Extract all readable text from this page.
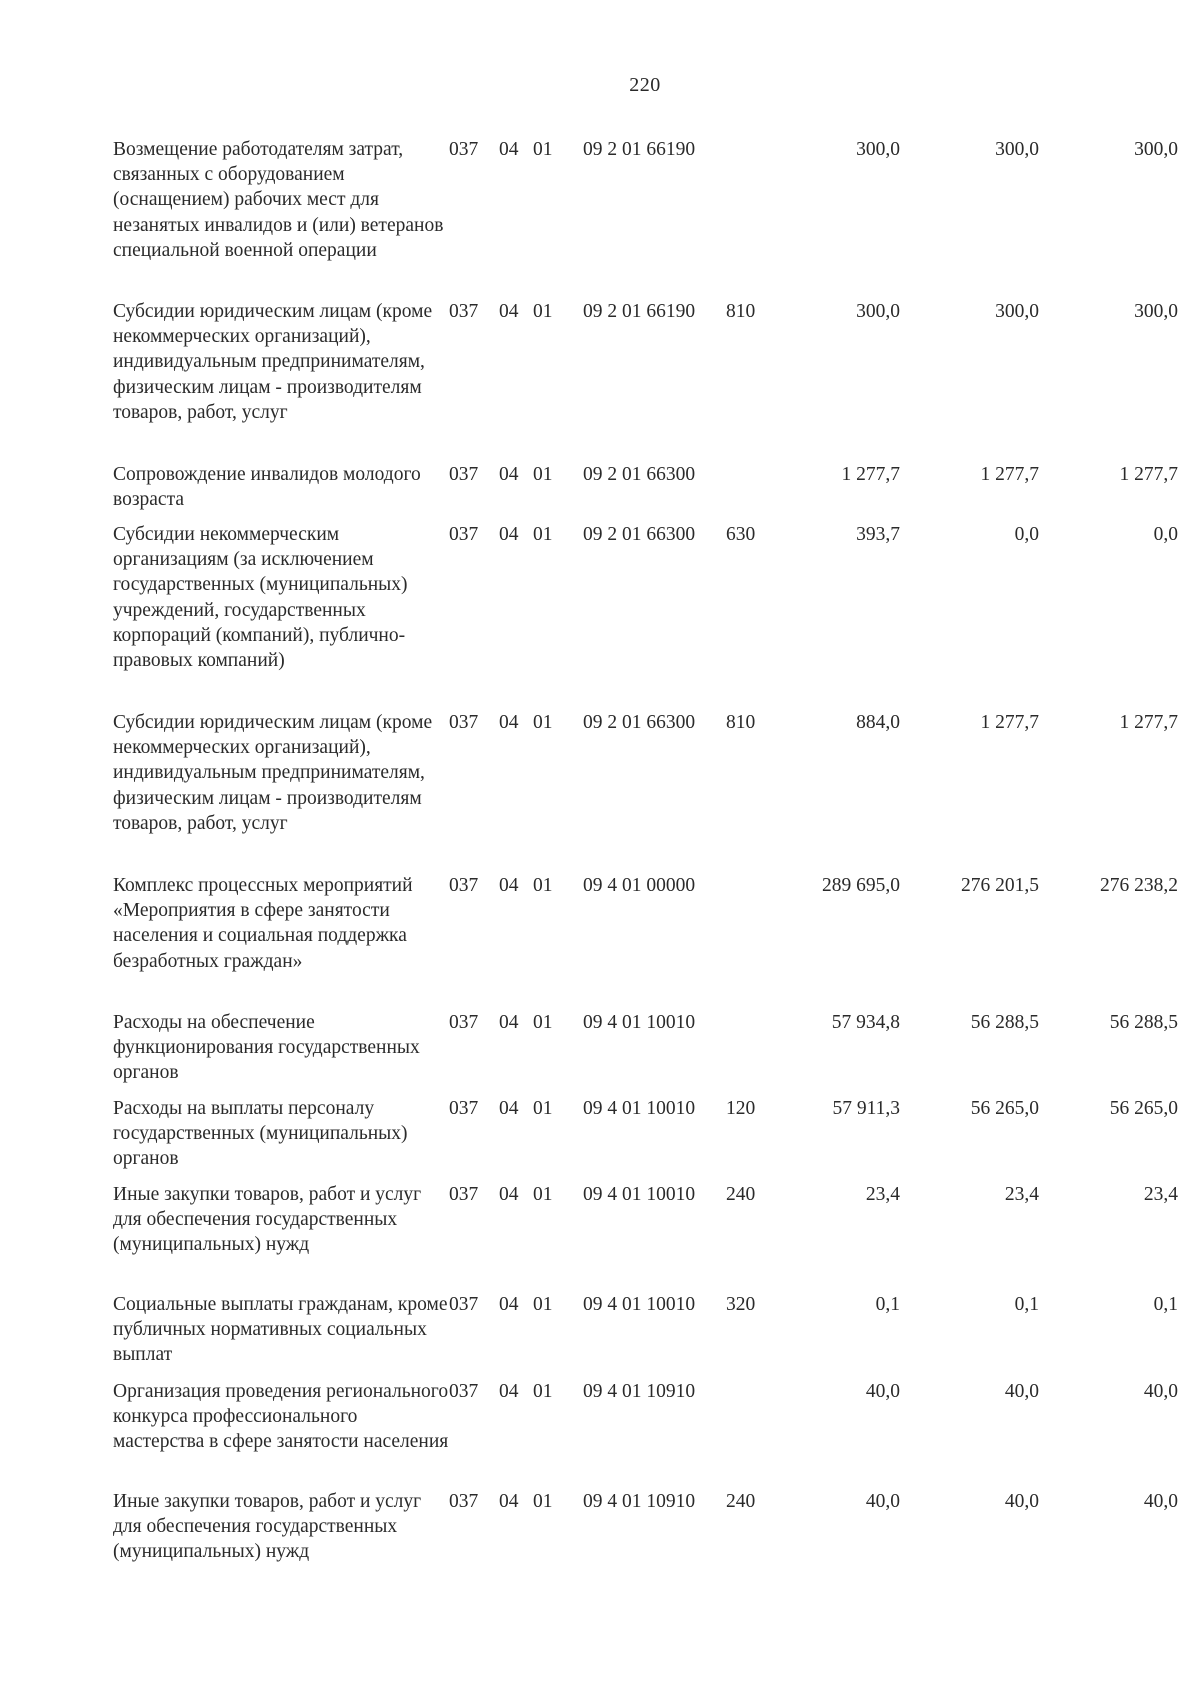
220
Возмещение работодателям затрат, связанных с оборудованием (оснащением) рабочих мест для незанятых инвалидов и (или) ветеранов специальной военной операции
037 04 01 09 2 01 66190	300,0	300,0	300,0
Субсидии юридическим лицам (кроме некоммерческих организаций), индивидуальным предпринимателям, физическим лицам - производителям товаров, работ, услуг
037 04 01 09 2 01 66190 810	300,0	300,0	300,0
Сопровождение инвалидов молодого возраста
037 04 01 09 2 01 66300	1 277,7	1 277,7	1 277,7
Субсидии некоммерческим организациям (за исключением государственных (муниципальных) учреждений, государственных корпораций (компаний), публично-правовых компаний)
037 04 01 09 2 01 66300 630	393,7	0,0	0,0
Субсидии юридическим лицам (кроме некоммерческих организаций), индивидуальным предпринимателям, физическим лицам - производителям товаров, работ, услуг
037 04 01 09 2 01 66300 810	884,0	1 277,7	1 277,7
Комплекс процессных мероприятий «Мероприятия в сфере занятости населения и социальная поддержка безработных граждан»
037 04 01 09 4 01 00000	289 695,0	276 201,5	276 238,2
Расходы на обеспечение функционирования государственных органов
037 04 01 09 4 01 10010	57 934,8	56 288,5	56 288,5
Расходы на выплаты персоналу государственных (муниципальных) органов
037 04 01 09 4 01 10010 120	57 911,3	56 265,0	56 265,0
Иные закупки товаров, работ и услуг для обеспечения государственных (муниципальных) нужд
037 04 01 09 4 01 10010 240	23,4	23,4	23,4
Социальные выплаты гражданам, кроме публичных нормативных социальных выплат
037 04 01 09 4 01 10010 320	0,1	0,1	0,1
Организация проведения регионального конкурса профессионального мастерства в сфере занятости населения
037 04 01 09 4 01 10910	40,0	40,0	40,0
Иные закупки товаров, работ и услуг для обеспечения государственных (муниципальных) нужд
037 04 01 09 4 01 10910 240	40,0	40,0	40,0
